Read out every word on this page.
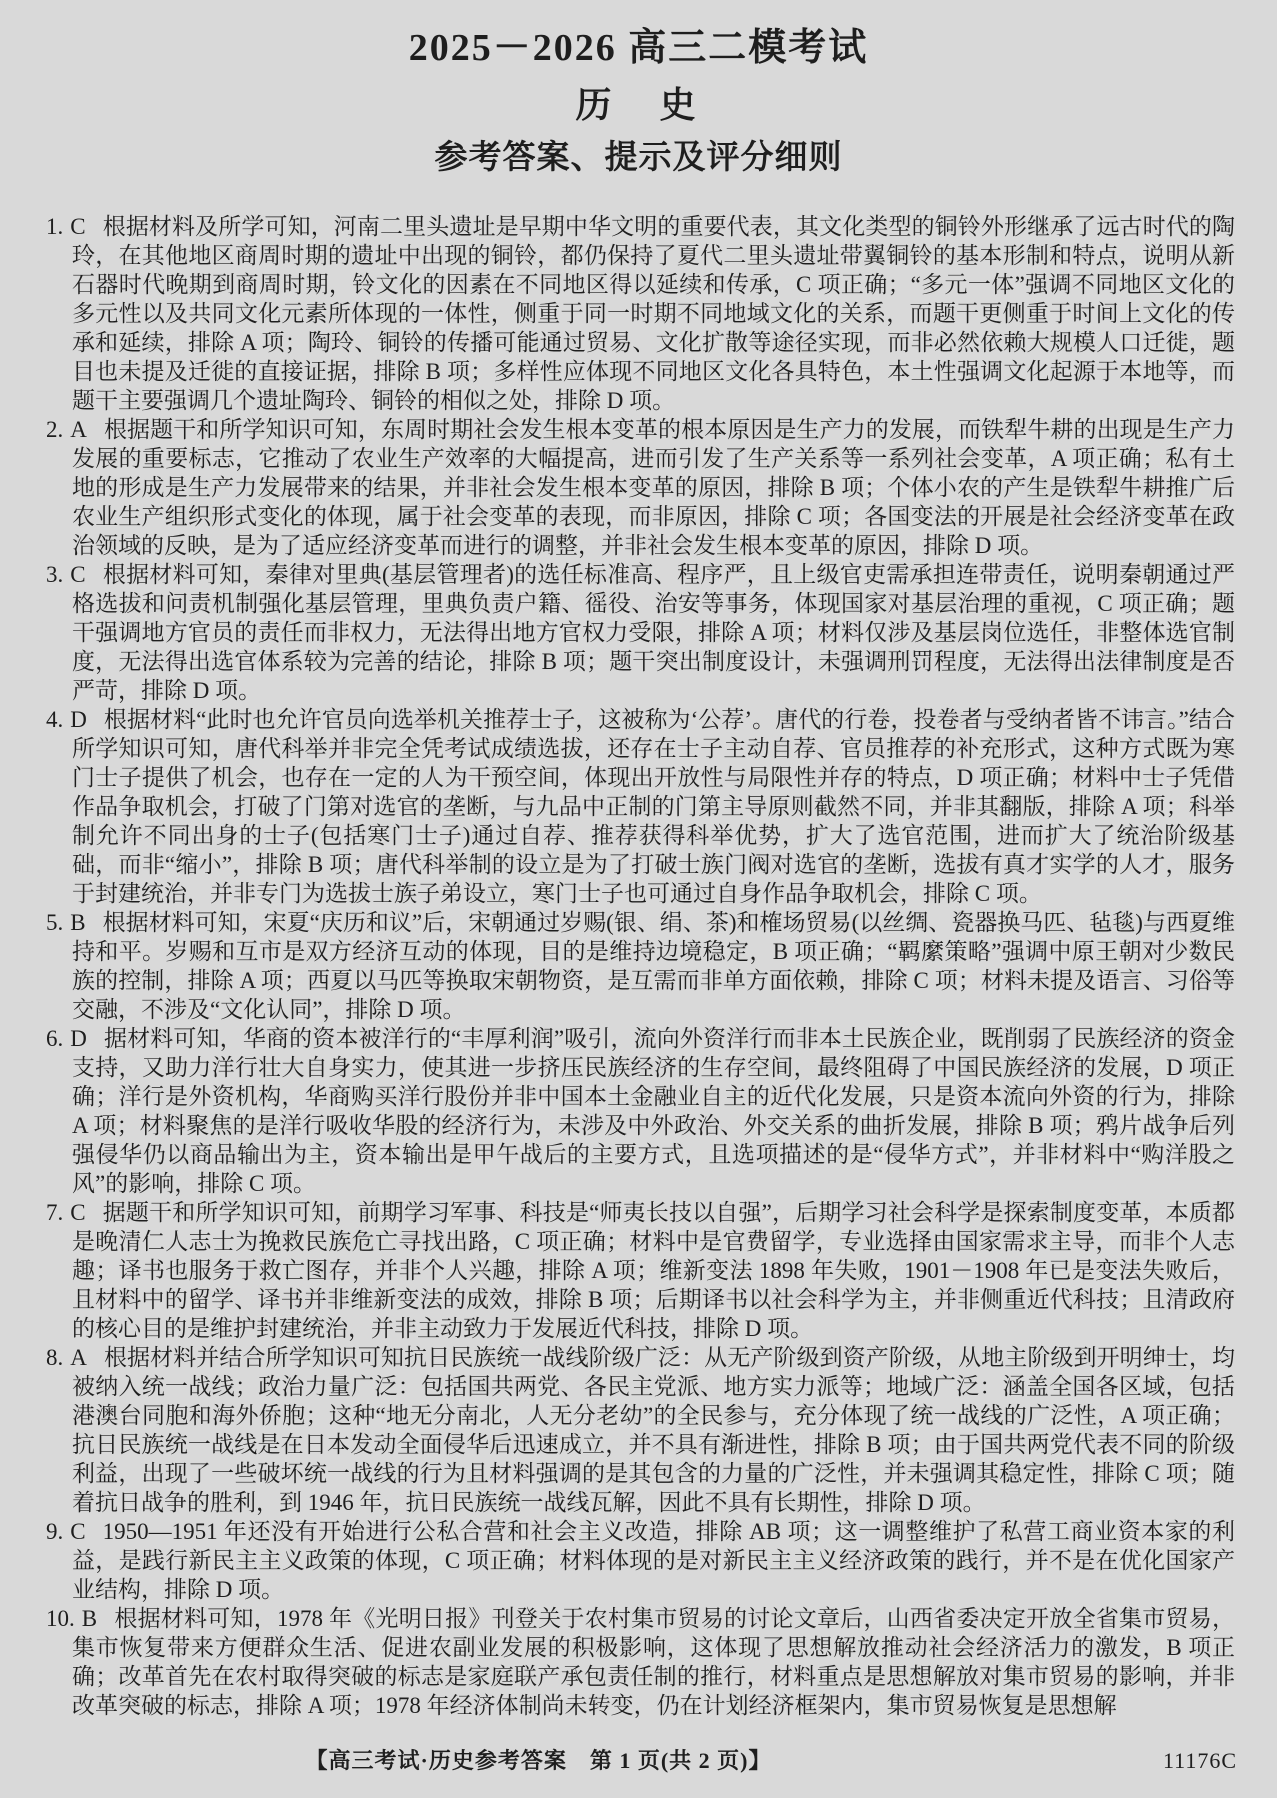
2025－2026 高三二模考试
历　史
参考答案、提示及评分细则

1. C 根据材料及所学可知，河南二里头遗址是早期中华文明的重要代表，其文化类型的铜铃外形继承了远古时代的陶玲，在其他地区商周时期的遗址中出现的铜铃，都仍保持了夏代二里头遗址带翼铜铃的基本形制和特点，说明从新石器时代晚期到商周时期，铃文化的因素在不同地区得以延续和传承，C 项正确；“多元一体”强调不同地区文化的多元性以及共同文化元素所体现的一体性，侧重于同一时期不同地域文化的关系，而题干更侧重于时间上文化的传承和延续，排除 A 项；陶玲、铜铃的传播可能通过贸易、文化扩散等途径实现，而非必然依赖大规模人口迁徙，题目也未提及迁徙的直接证据，排除 B 项；多样性应体现不同地区文化各具特色，本土性强调文化起源于本地等，而题干主要强调几个遗址陶玲、铜铃的相似之处，排除 D 项。

2. A 根据题干和所学知识可知，东周时期社会发生根本变革的根本原因是生产力的发展，而铁犁牛耕的出现是生产力发展的重要标志，它推动了农业生产效率的大幅提高，进而引发了生产关系等一系列社会变革，A 项正确；私有土地的形成是生产力发展带来的结果，并非社会发生根本变革的原因，排除 B 项；个体小农的产生是铁犁牛耕推广后农业生产组织形式变化的体现，属于社会变革的表现，而非原因，排除 C 项；各国变法的开展是社会经济变革在政治领域的反映，是为了适应经济变革而进行的调整，并非社会发生根本变革的原因，排除 D 项。

3. C 根据材料可知，秦律对里典(基层管理者)的选任标准高、程序严，且上级官吏需承担连带责任，说明秦朝通过严格选拔和问责机制强化基层管理，里典负责户籍、徭役、治安等事务，体现国家对基层治理的重视，C 项正确；题干强调地方官员的责任而非权力，无法得出地方官权力受限，排除 A 项；材料仅涉及基层岗位选任，非整体选官制度，无法得出选官体系较为完善的结论，排除 B 项；题干突出制度设计，未强调刑罚程度，无法得出法律制度是否严苛，排除 D 项。

4. D 根据材料“此时也允许官员向选举机关推荐士子，这被称为‘公荐’。唐代的行卷，投卷者与受纳者皆不讳言。”结合所学知识可知，唐代科举并非完全凭考试成绩选拔，还存在士子主动自荐、官员推荐的补充形式，这种方式既为寒门士子提供了机会，也存在一定的人为干预空间，体现出开放性与局限性并存的特点，D 项正确；材料中士子凭借作品争取机会，打破了门第对选官的垄断，与九品中正制的门第主导原则截然不同，并非其翻版，排除 A 项；科举制允许不同出身的士子(包括寒门士子)通过自荐、推荐获得科举优势，扩大了选官范围，进而扩大了统治阶级基础，而非“缩小”，排除 B 项；唐代科举制的设立是为了打破士族门阀对选官的垄断，选拔有真才实学的人才，服务于封建统治，并非专门为选拔士族子弟设立，寒门士子也可通过自身作品争取机会，排除 C 项。

5. B 根据材料可知，宋夏“庆历和议”后，宋朝通过岁赐(银、绢、茶)和榷场贸易(以丝绸、瓷器换马匹、毡毯)与西夏维持和平。岁赐和互市是双方经济互动的体现，目的是维持边境稳定，B 项正确；“羁縻策略”强调中原王朝对少数民族的控制，排除 A 项；西夏以马匹等换取宋朝物资，是互需而非单方面依赖，排除 C 项；材料未提及语言、习俗等交融，不涉及“文化认同”，排除 D 项。

6. D 据材料可知，华商的资本被洋行的“丰厚利润”吸引，流向外资洋行而非本土民族企业，既削弱了民族经济的资金支持，又助力洋行壮大自身实力，使其进一步挤压民族经济的生存空间，最终阻碍了中国民族经济的发展，D 项正确；洋行是外资机构，华商购买洋行股份并非中国本土金融业自主的近代化发展，只是资本流向外资的行为，排除 A 项；材料聚焦的是洋行吸收华股的经济行为，未涉及中外政治、外交关系的曲折发展，排除 B 项；鸦片战争后列强侵华仍以商品输出为主，资本输出是甲午战后的主要方式，且选项描述的是“侵华方式”，并非材料中“购洋股之风”的影响，排除 C 项。

7. C 据题干和所学知识可知，前期学习军事、科技是“师夷长技以自强”，后期学习社会科学是探索制度变革，本质都是晚清仁人志士为挽救民族危亡寻找出路，C 项正确；材料中是官费留学，专业选择由国家需求主导，而非个人志趣；译书也服务于救亡图存，并非个人兴趣，排除 A 项；维新变法 1898 年失败，1901－1908 年已是变法失败后，且材料中的留学、译书并非维新变法的成效，排除 B 项；后期译书以社会科学为主，并非侧重近代科技；且清政府的核心目的是维护封建统治，并非主动致力于发展近代科技，排除 D 项。

8. A 根据材料并结合所学知识可知抗日民族统一战线阶级广泛：从无产阶级到资产阶级，从地主阶级到开明绅士，均被纳入统一战线；政治力量广泛：包括国共两党、各民主党派、地方实力派等；地域广泛：涵盖全国各区域，包括港澳台同胞和海外侨胞；这种“地无分南北，人无分老幼”的全民参与，充分体现了统一战线的广泛性，A 项正确；抗日民族统一战线是在日本发动全面侵华后迅速成立，并不具有渐进性，排除 B 项；由于国共两党代表不同的阶级利益，出现了一些破坏统一战线的行为且材料强调的是其包含的力量的广泛性，并未强调其稳定性，排除 C 项；随着抗日战争的胜利，到 1946 年，抗日民族统一战线瓦解，因此不具有长期性，排除 D 项。

9. C 1950—1951 年还没有开始进行公私合营和社会主义改造，排除 AB 项；这一调整维护了私营工商业资本家的利益，是践行新民主主义政策的体现，C 项正确；材料体现的是对新民主主义经济政策的践行，并不是在优化国家产业结构，排除 D 项。

10. B 根据材料可知，1978 年《光明日报》刊登关于农村集市贸易的讨论文章后，山西省委决定开放全省集市贸易，集市恢复带来方便群众生活、促进农副业发展的积极影响，这体现了思想解放推动社会经济活力的激发，B 项正确；改革首先在农村取得突破的标志是家庭联产承包责任制的推行，材料重点是思想解放对集市贸易的影响，并非改革突破的标志，排除 A 项；1978 年经济体制尚未转变，仍在计划经济框架内，集市贸易恢复是思想解

【高三考试·历史参考答案　第 1 页(共 2 页)】	11176C
